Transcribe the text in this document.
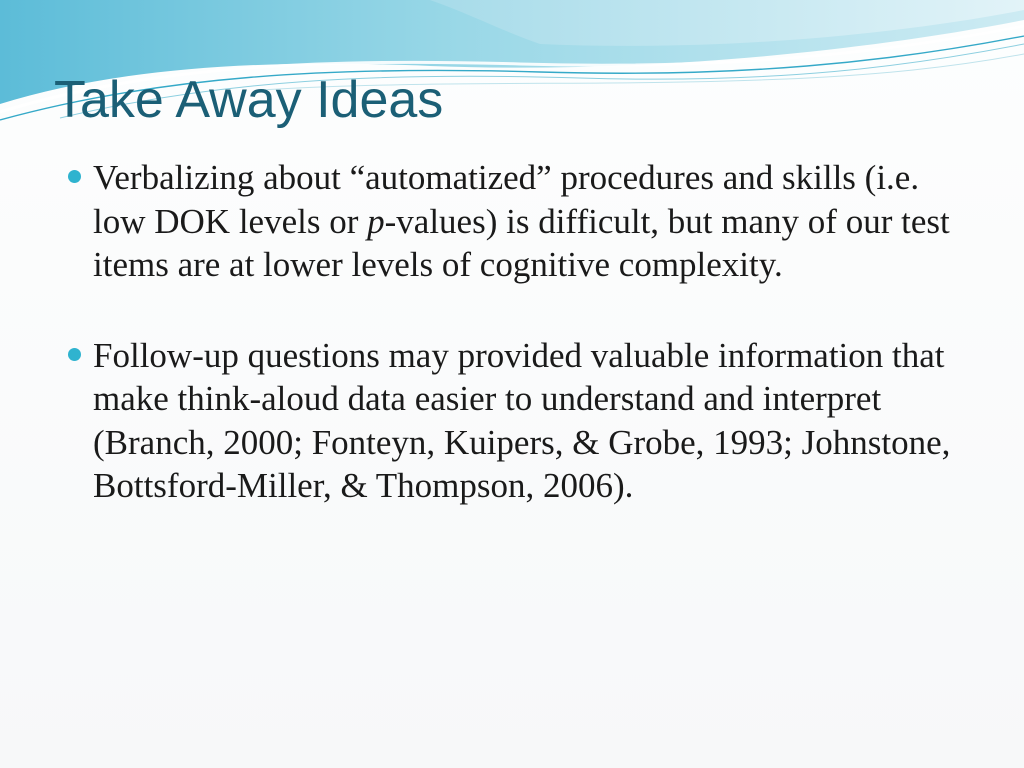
Take Away Ideas
Verbalizing about “automatized” procedures and skills (i.e. low DOK levels or p-values) is difficult, but many of our test items are at lower levels of cognitive complexity.
Follow-up questions may provided valuable information that make think-aloud data easier to understand and interpret (Branch, 2000; Fonteyn, Kuipers, & Grobe, 1993; Johnstone, Bottsford-Miller, & Thompson, 2006).
